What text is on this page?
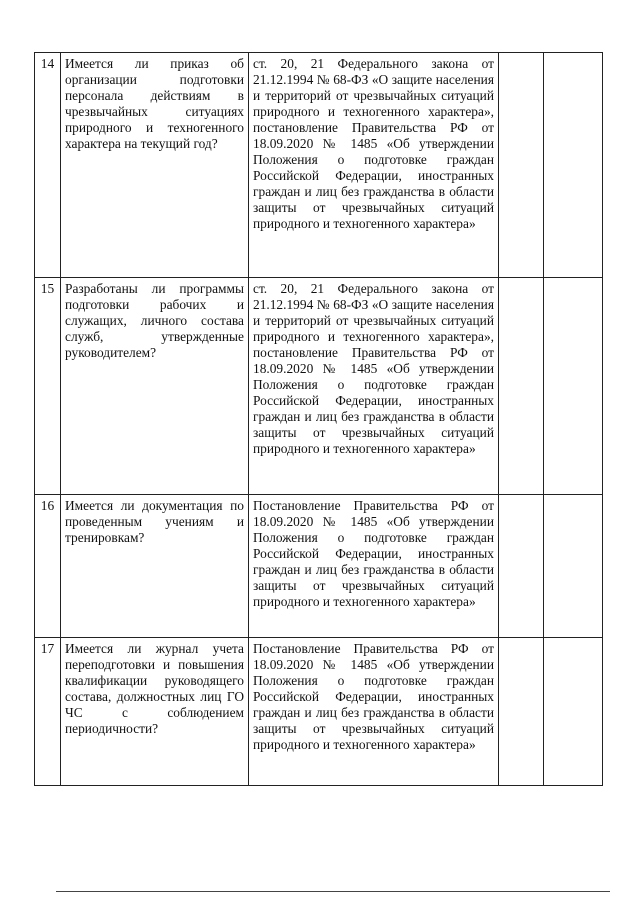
14	Имеется ли приказ об организации подготовки персонала действиям в чрезвычайных ситуациях природного и техногенного характера на текущий год?	ст. 20, 21 Федерального закона от 21.12.1994 № 68-ФЗ «О защите населения и территорий от чрезвычайных ситуаций природного и техногенного характера», постановление Правительства РФ от 18.09.2020 № 1485 «Об утверждении Положения о подготовке граждан Российской Федерации, иностранных граждан и лиц без гражданства в области защиты от чрезвычайных ситуаций природного и техногенного характера»		
15	Разработаны ли программы подготовки рабочих и служащих, личного состава служб, утвержденные руководителем?	ст. 20, 21 Федерального закона от 21.12.1994 № 68-ФЗ «О защите населения и территорий от чрезвычайных ситуаций природного и техногенного характера», постановление Правительства РФ от 18.09.2020 № 1485 «Об утверждении Положения о подготовке граждан Российской Федерации, иностранных граждан и лиц без гражданства в области защиты от чрезвычайных ситуаций природного и техногенного характера»		
16	Имеется ли документация по проведенным учениям и тренировкам?	Постановление Правительства РФ от 18.09.2020 № 1485 «Об утверждении Положения о подготовке граждан Российской Федерации, иностранных граждан и лиц без гражданства в области защиты от чрезвычайных ситуаций природного и техногенного характера»		
17	Имеется ли журнал учета переподготовки и повышения квалификации руководящего состава, должностных лиц ГО ЧС с соблюдением периодичности?	Постановление Правительства РФ от 18.09.2020 № 1485 «Об утверждении Положения о подготовке граждан Российской Федерации, иностранных граждан и лиц без гражданства в области защиты от чрезвычайных ситуаций природного и техногенного характера»		
